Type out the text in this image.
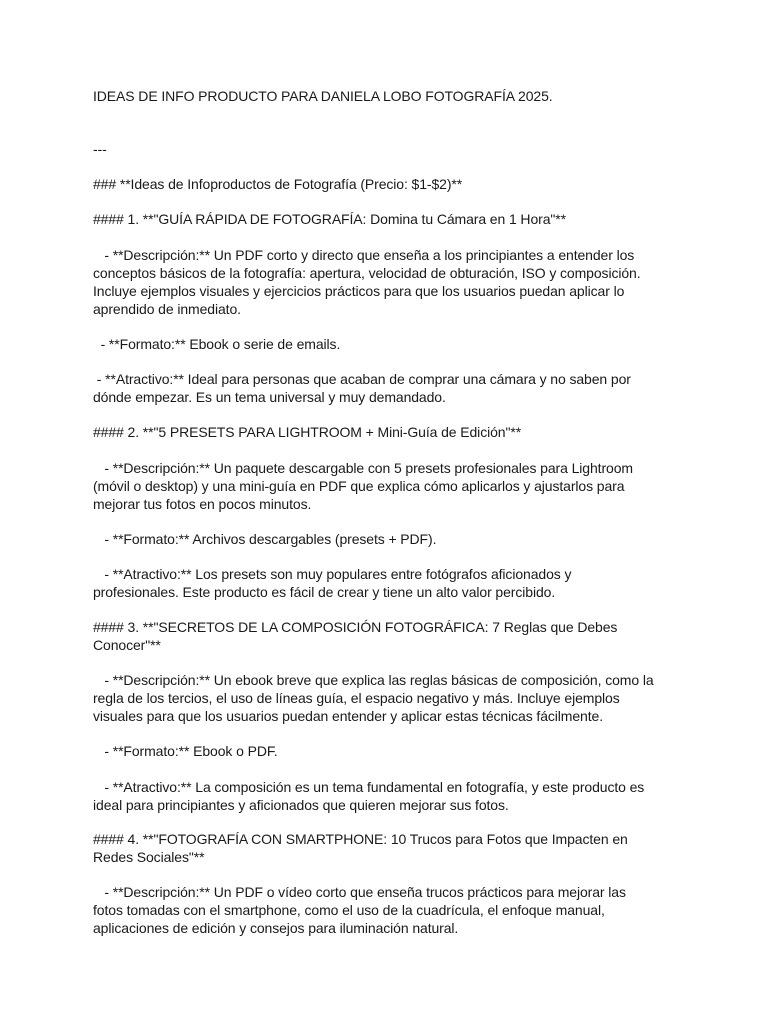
IDEAS DE INFO PRODUCTO PARA DANIELA LOBO FOTOGRAFÍA 2025.

---

### **Ideas de Infoproductos de Fotografía (Precio: $1-$2)**

#### 1. **"GUÍA RÁPIDA DE FOTOGRAFÍA: Domina tu Cámara en 1 Hora"**

- **Descripción:** Un PDF corto y directo que enseña a los principiantes a entender los

conceptos básicos de la fotografía: apertura, velocidad de obturación, ISO y composición.

Incluye ejemplos visuales y ejercicios prácticos para que los usuarios puedan aplicar lo

aprendido de inmediato.

- **Formato:** Ebook o serie de emails.

- **Atractivo:** Ideal para personas que acaban de comprar una cámara y no saben por

dónde empezar. Es un tema universal y muy demandado.

#### 2. **"5 PRESETS PARA LIGHTROOM + Mini-Guía de Edición"**

- **Descripción:** Un paquete descargable con 5 presets profesionales para Lightroom

(móvil o desktop) y una mini-guía en PDF que explica cómo aplicarlos y ajustarlos para

mejorar tus fotos en pocos minutos.

- **Formato:** Archivos descargables (presets + PDF).

- **Atractivo:** Los presets son muy populares entre fotógrafos aficionados y

profesionales. Este producto es fácil de crear y tiene un alto valor percibido.

#### 3. **"SECRETOS DE LA COMPOSICIÓN FOTOGRÁFICA: 7 Reglas que Debes

Conocer"**

- **Descripción:** Un ebook breve que explica las reglas básicas de composición, como la

regla de los tercios, el uso de líneas guía, el espacio negativo y más. Incluye ejemplos

visuales para que los usuarios puedan entender y aplicar estas técnicas fácilmente.

- **Formato:** Ebook o PDF.

- **Atractivo:** La composición es un tema fundamental en fotografía, y este producto es

ideal para principiantes y aficionados que quieren mejorar sus fotos.

#### 4. **"FOTOGRAFÍA CON SMARTPHONE: 10 Trucos para Fotos que Impacten en

Redes Sociales"**

- **Descripción:** Un PDF o vídeo corto que enseña trucos prácticos para mejorar las

fotos tomadas con el smartphone, como el uso de la cuadrícula, el enfoque manual,

aplicaciones de edición y consejos para iluminación natural.
